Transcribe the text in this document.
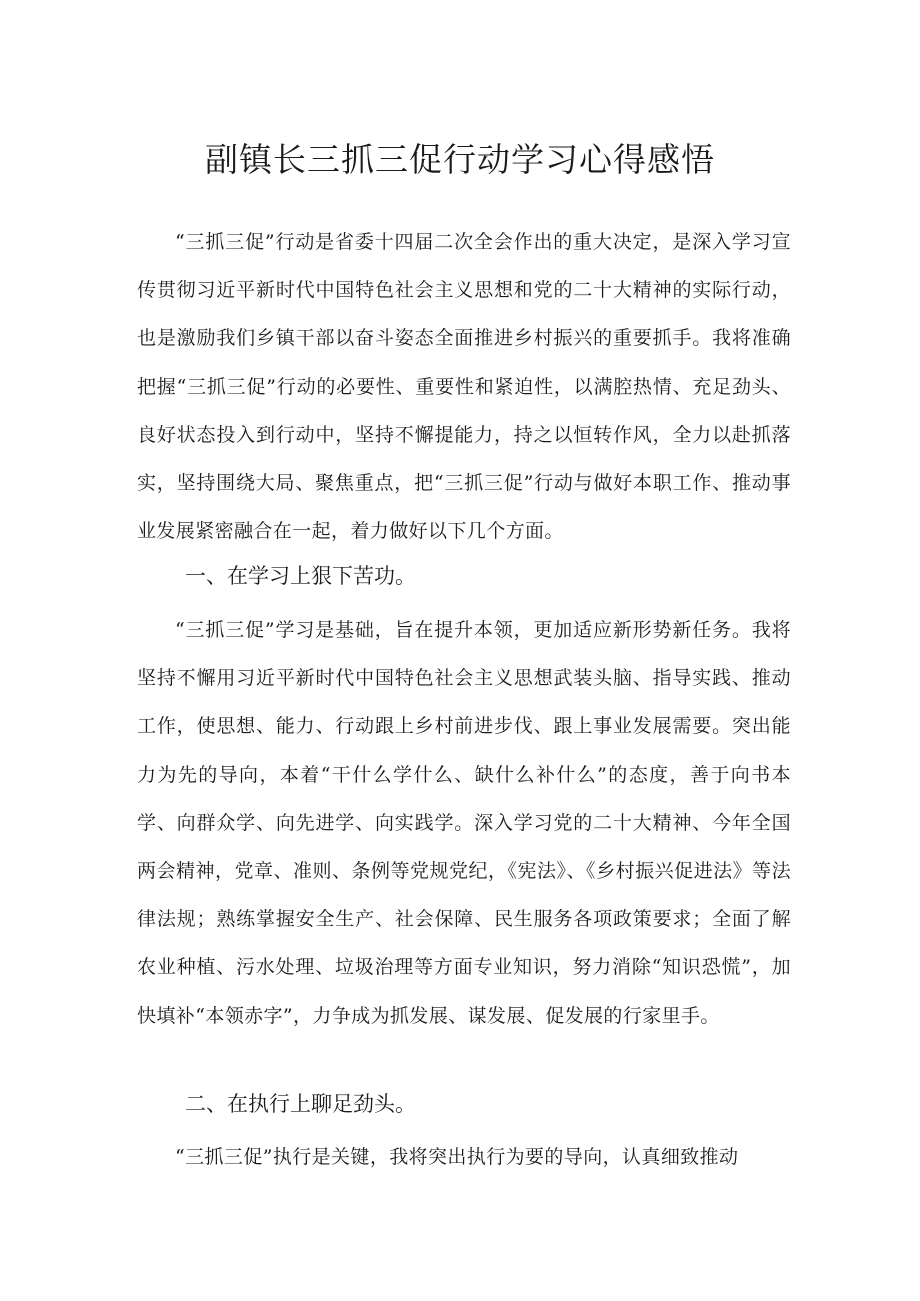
副镇长三抓三促行动学习心得感悟

“三抓三促”行动是省委十四届二次全会作出的重大决定，是深入学习宣传贯彻习近平新时代中国特色社会主义思想和党的二十大精神的实际行动，也是激励我们乡镇干部以奋斗姿态全面推进乡村振兴的重要抓手。我将准确把握“三抓三促”行动的必要性、重要性和紧迫性，以满腔热情、充足劲头、良好状态投入到行动中，坚持不懈提能力，持之以恒转作风，全力以赴抓落实，坚持围绕大局、聚焦重点，把“三抓三促”行动与做好本职工作、推动事业发展紧密融合在一起，着力做好以下几个方面。

一、在学习上狠下苦功。

“三抓三促”学习是基础，旨在提升本领，更加适应新形势新任务。我将坚持不懈用习近平新时代中国特色社会主义思想武装头脑、指导实践、推动工作，使思想、能力、行动跟上乡村前进步伐、跟上事业发展需要。突出能力为先的导向，本着“干什么学什么、缺什么补什么”的态度，善于向书本学、向群众学、向先进学、向实践学。深入学习党的二十大精神、今年全国两会精神，党章、准则、条例等党规党纪，《宪法》、《乡村振兴促进法》等法律法规；熟练掌握安全生产、社会保障、民生服务各项政策要求；全面了解农业种植、污水处理、垃圾治理等方面专业知识，努力消除“知识恐慌”，加快填补“本领赤字”，力争成为抓发展、谋发展、促发展的行家里手。

二、在执行上聊足劲头。

“三抓三促”执行是关键，我将突出执行为要的导向，认真细致推动
